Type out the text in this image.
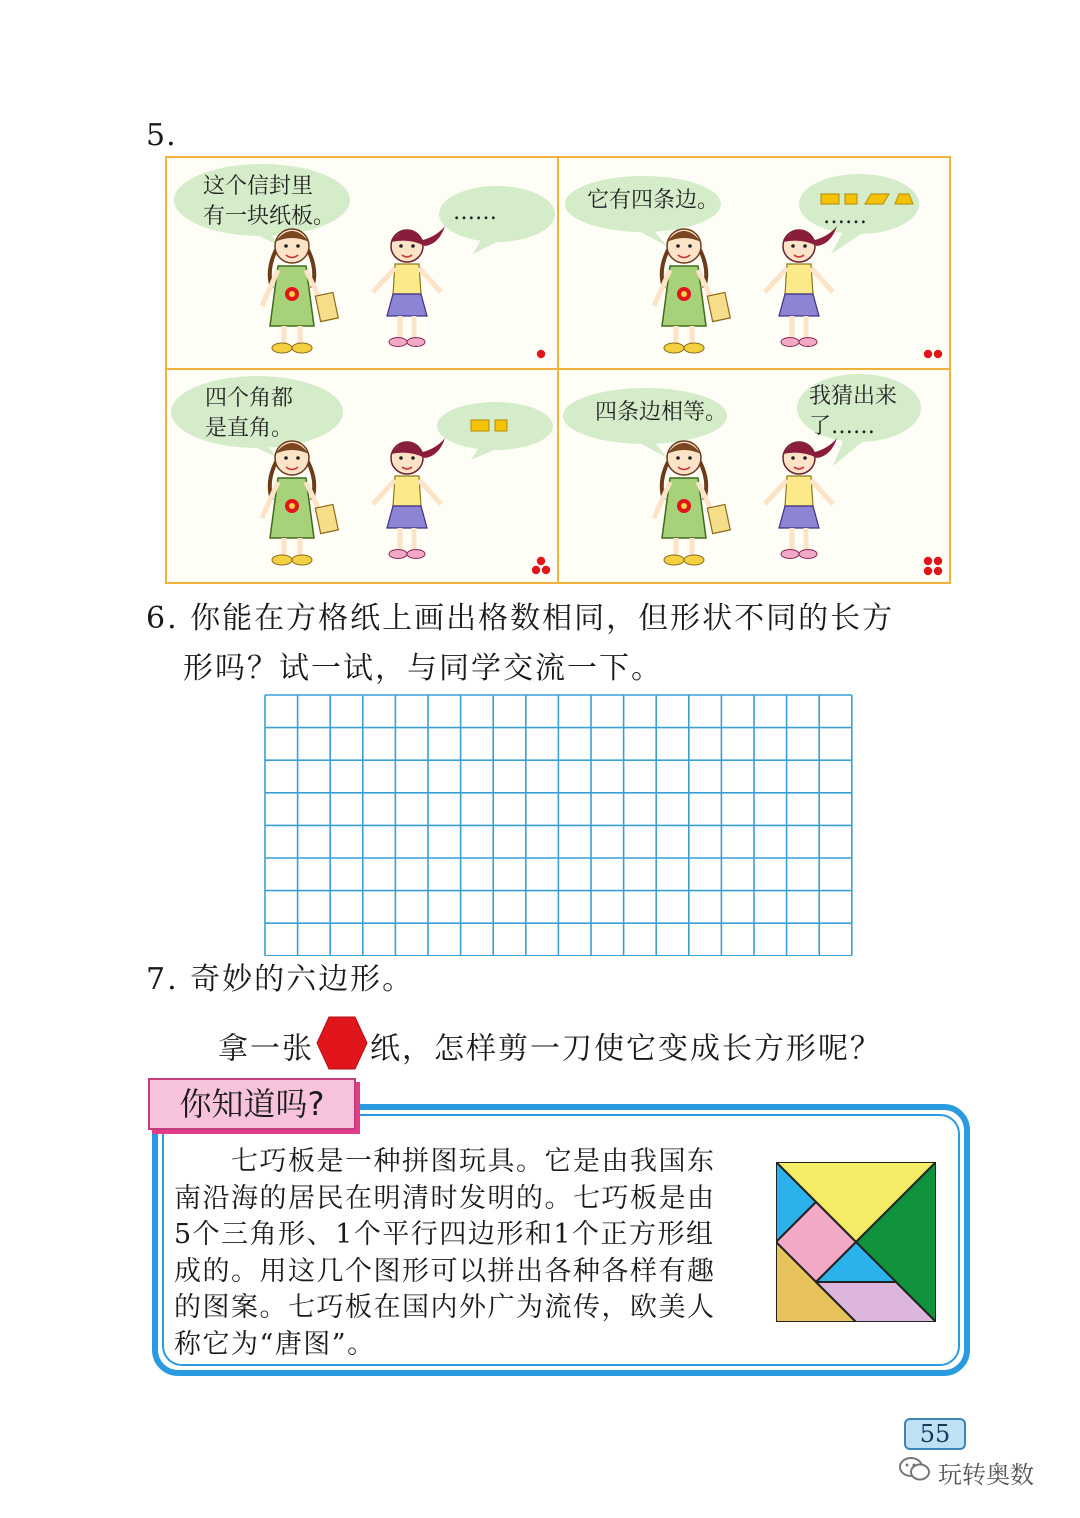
5.
这个信封里
有一块纸板。	……	它有四条边。
……
四个角都
是直角。
四条边相等。
我猜出来
了……
6. 你能在方格纸上画出格数相同，但形状不同的长方
形吗？试一试，与同学交流一下。
7. 奇妙的六边形。
拿一张 纸，怎样剪一刀使它变成长方形呢？
你知道吗?

　　七巧板是一种拼图玩具。它是由我国东

南沿海的居民在明清时发明的。七巧板是由

5个三角形、1个平行四边形和1个正方形组

成的。用这几个图形可以拼出各种各样有趣

的图案。七巧板在国内外广为流传，欧美人

称它为“唐图”。

55
玩转奥数
